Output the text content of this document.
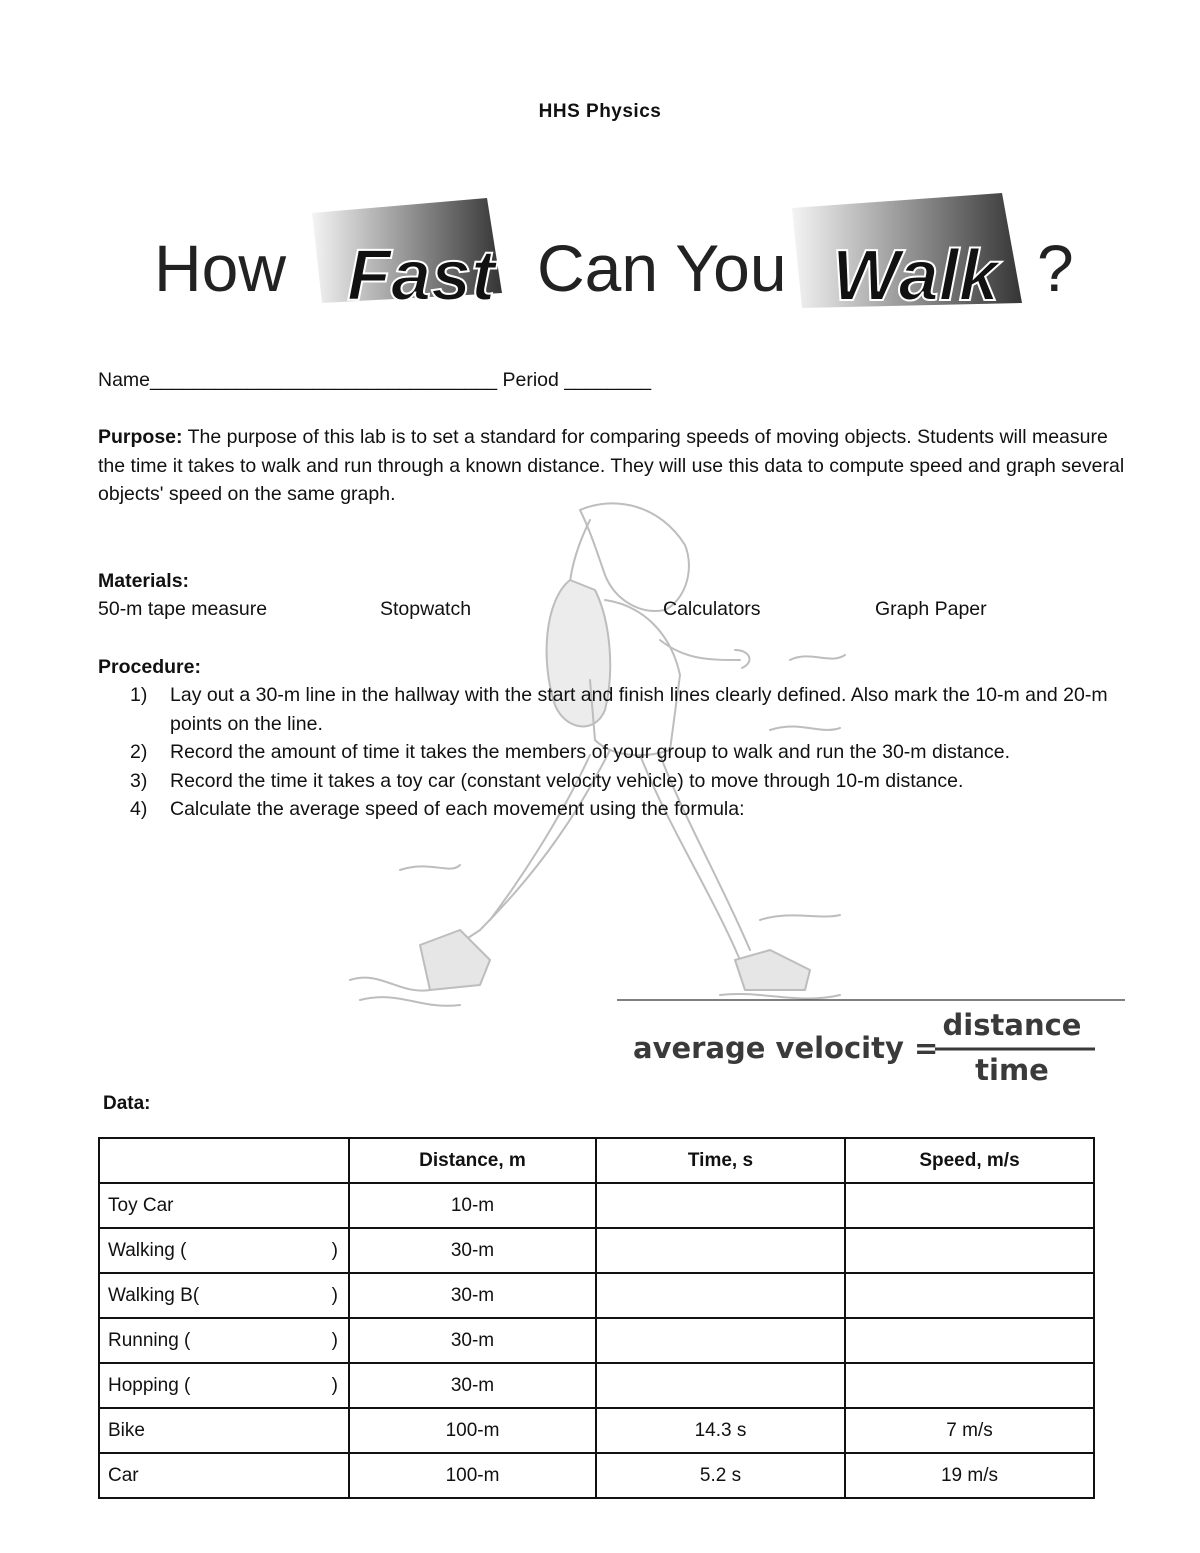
HHS Physics
How Fast Can You Walk ?
Name________________________________ Period ________
Purpose: The purpose of this lab is to set a standard for comparing speeds of moving objects. Students will measure the time it takes to walk and run through a known distance. They will use this data to compute speed and graph several objects' speed on the same graph.
Materials:
50-m tape measure	Stopwatch	Calculators	Graph Paper
Procedure:
1)	Lay out a 30-m line in the hallway with the start and finish lines clearly defined. Also mark the 10-m and 20-m points on the line.
2)	Record the amount of time it takes the members of your group to walk and run the 30-m distance.
3)	Record the time it takes a toy car (constant velocity vehicle) to move through 10-m distance.
4)	Calculate the average speed of each movement using the formula:
average velocity =
distance
time
Data:
	Distance, m	Time, s	Speed, m/s
Toy Car	10-m		
Walking ( )	30-m		
Walking B( )	30-m		
Running ( )	30-m		
Hopping ( )	30-m		
Bike	100-m	14.3 s	7 m/s
Car	100-m	5.2 s	19 m/s
